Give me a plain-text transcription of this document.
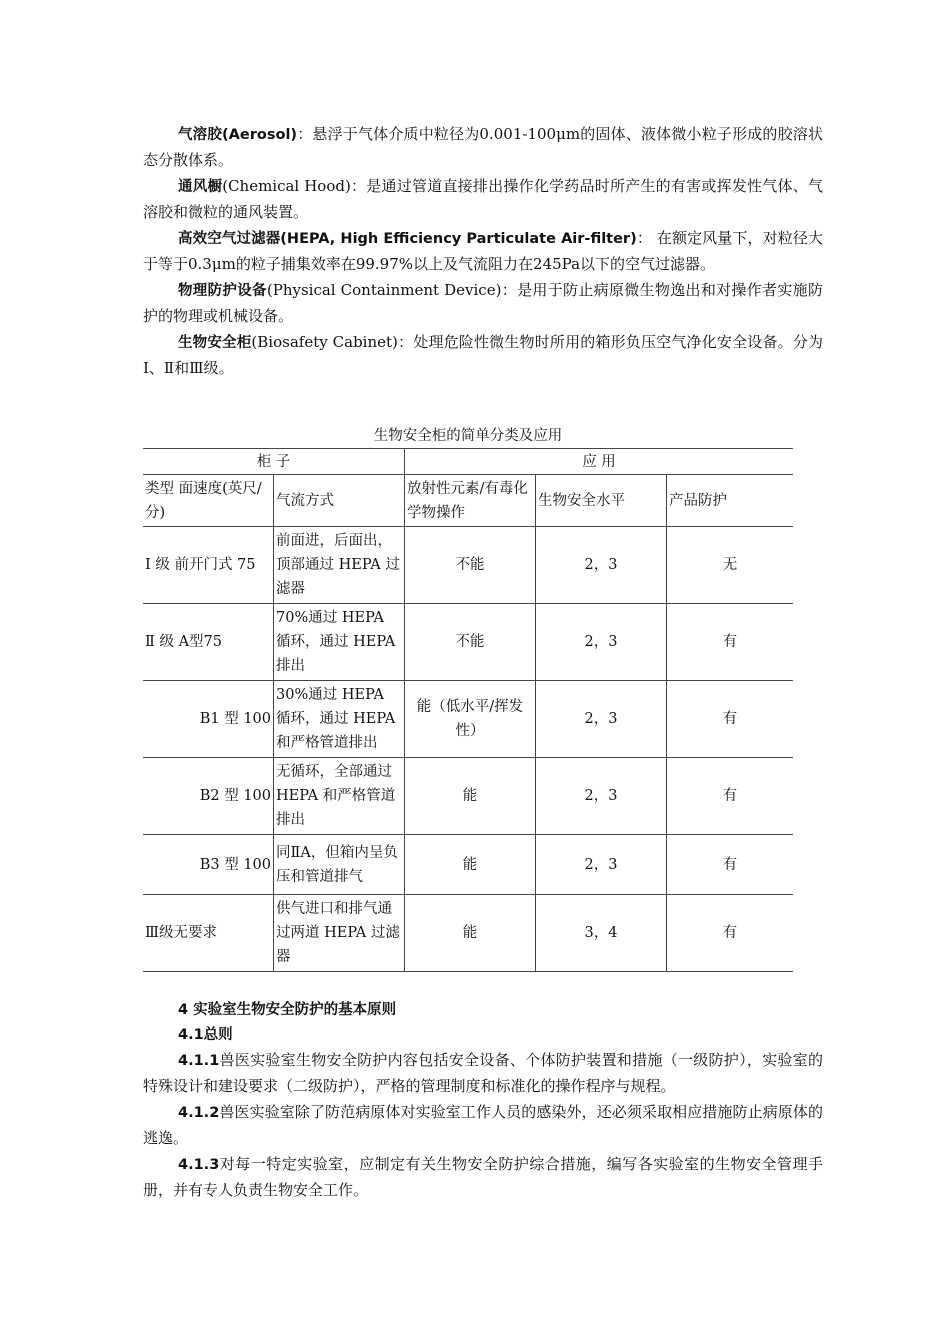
气溶胶(Aerosol)：悬浮于气体介质中粒径为0.001-100μm的固体、液体微小粒子形成的胶溶状态分散体系。

通风橱(Chemical Hood)：是通过管道直接排出操作化学药品时所产生的有害或挥发性气体、气溶胶和微粒的通风装置。

高效空气过滤器(HEPA, High Efficiency Particulate Air-filter)： 在额定风量下，对粒径大于等于0.3μm的粒子捕集效率在99.97%以上及气流阻力在245Pa以下的空气过滤器。

物理防护设备(Physical Containment Device)：是用于防止病原微生物逸出和对操作者实施防护的物理或机械设备。

生物安全柜(Biosafety Cabinet)：处理危险性微生物时所用的箱形负压空气净化安全设备。分为Ⅰ、Ⅱ和Ⅲ级。

生物安全柜的简单分类及应用
柜 子		应 用		
类型 面速度(英尺/分)	气流方式	放射性元素/有毒化学物操作	生物安全水平	产品防护
Ⅰ 级 前开门式 75	前面进，后面出，顶部通过 HEPA 过滤器	不能	2，3	无
Ⅱ 级 A型75	70%通过 HEPA 循环，通过 HEPA 排出	不能	2，3	有
B1 型 100	30%通过 HEPA 循环，通过 HEPA 和严格管道排出	能（低水平/挥发性）	2，3	有
B2 型 100	无循环，全部通过 HEPA 和严格管道排出	能	2，3	有
B3 型 100	同ⅡA，但箱内呈负压和管道排气	能	2，3	有
Ⅲ级无要求	供气进口和排气通过两道 HEPA 过滤器	能	3，4	有
4 实验室生物安全防护的基本原则
4.1总则

4.1.1兽医实验室生物安全防护内容包括安全设备、个体防护装置和措施（一级防护），实验室的特殊设计和建设要求（二级防护），严格的管理制度和标准化的操作程序与规程。

4.1.2兽医实验室除了防范病原体对实验室工作人员的感染外，还必须采取相应措施防止病原体的逃逸。

4.1.3对每一特定实验室，应制定有关生物安全防护综合措施，编写各实验室的生物安全管理手册，并有专人负责生物安全工作。
